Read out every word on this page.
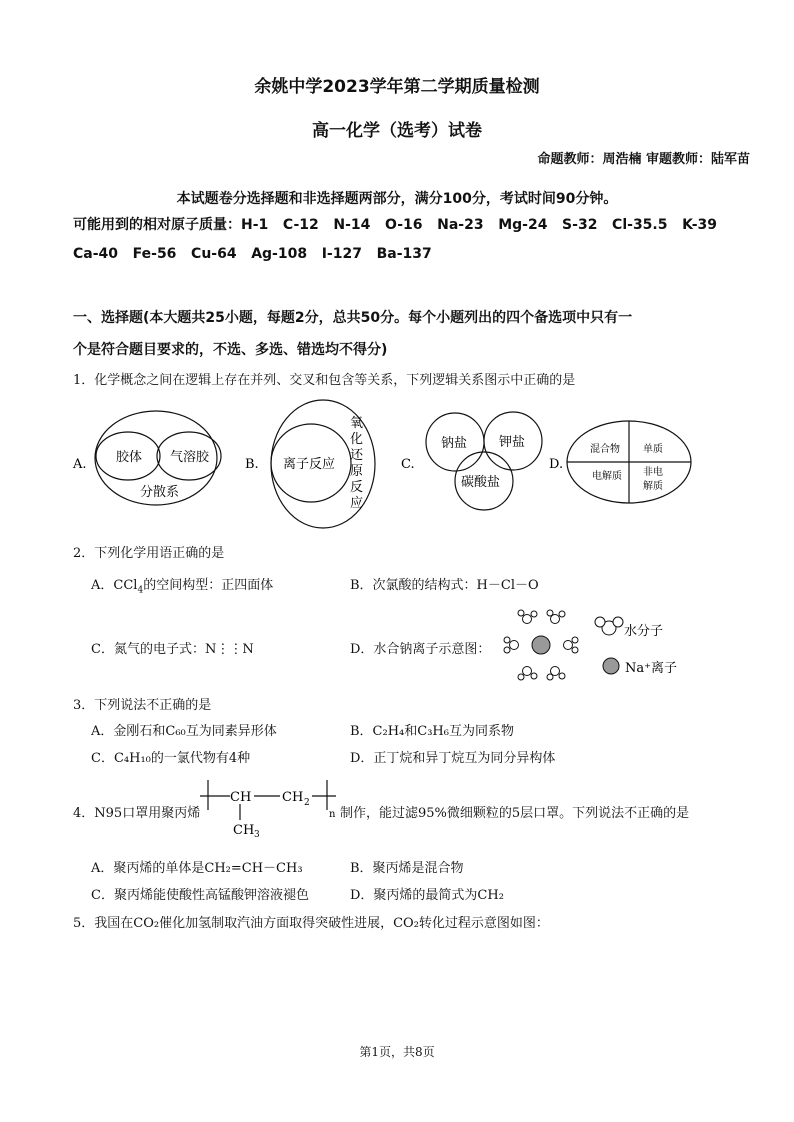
余姚中学2023学年第二学期质量检测
高一化学（选考）试卷
命题教师：周浩楠 审题教师：陆军苗
本试题卷分选择题和非选择题两部分，满分100分，考试时间90分钟。
可能用到的相对原子质量：H-1   C-12   N-14   O-16   Na-23   Mg-24   S-32   Cl-35.5   K-39
Ca-40   Fe-56   Cu-64   Ag-108   I-127   Ba-137
一、选择题(本大题共25小题，每题2分，总共50分。每个小题列出的四个备选项中只有一
个是符合题目要求的，不选、多选、错选均不得分)
1．化学概念之间在逻辑上存在并列、交叉和包含等关系，下列逻辑关系图示中正确的是
A. 胶体 气溶胶
分散系
B. 离子反应
氧
化
还
原
反
应
C.
钠盐 钾盐
碳酸盐
D.
混合物 单质
电解质 非电
解质
2．下列化学用语正确的是
A．CCl$_4$的空间构型：正四面体	B．次氯酸的结构式：H－Cl－O
C．氮气的电子式：N⋮⋮N	D．水合钠离子示意图：
水分子
Na⁺离子
3．下列说法不正确的是
A．金刚石和C₆₀互为同素异形体	B．C₂H₄和C₃H₆互为同系物
C．C₄H₁₀的一氯代物有4种	D．正丁烷和异丁烷互为同分异构体
4．N95口罩用聚丙烯
CH CH 2
CH 3
n 制作，能过滤95%微细颗粒的5层口罩。下列说法不正确的是
A．聚丙烯的单体是CH₂=CH－CH₃	B．聚丙烯是混合物
C．聚丙烯能使酸性高锰酸钾溶液褪色	D．聚丙烯的最简式为CH₂
5．我国在CO₂催化加氢制取汽油方面取得突破性进展，CO₂转化过程示意图如图：
第1页，共8页
